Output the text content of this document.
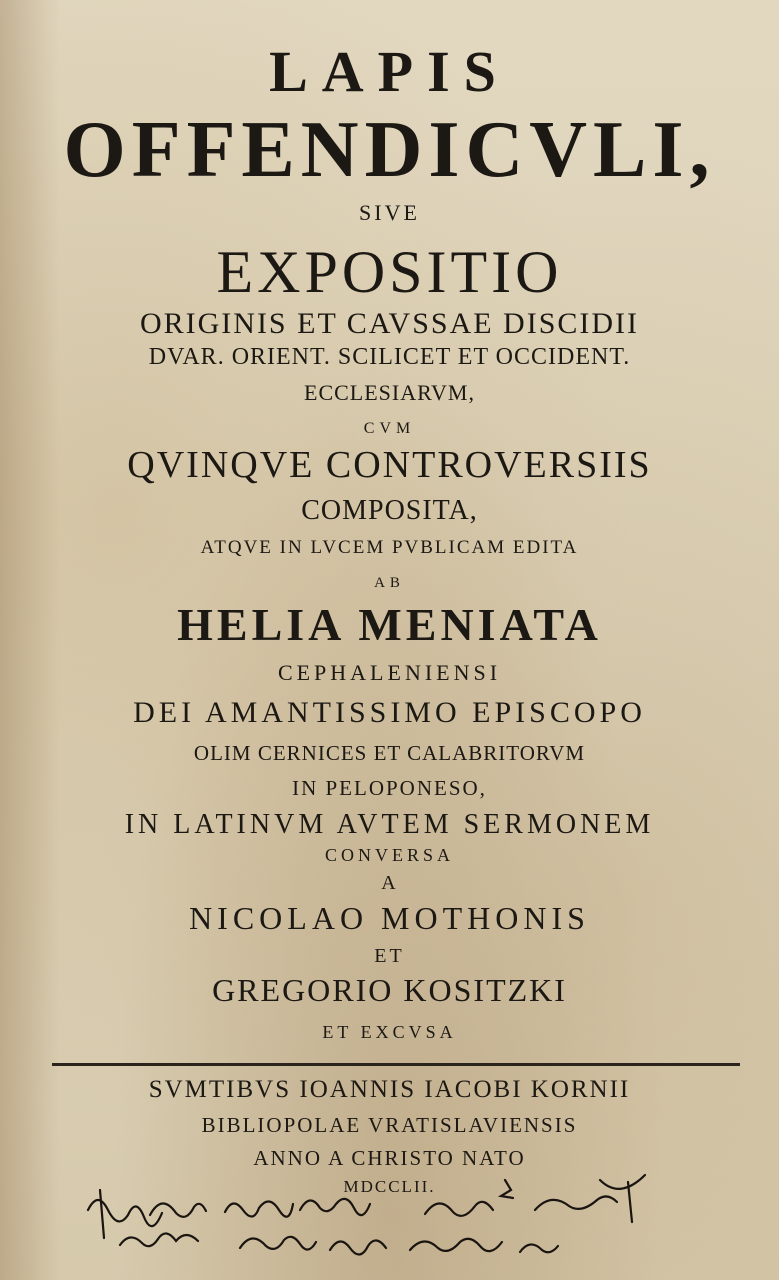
LAPIS
OFFENDICVLI,
SIVE
EXPOSITIO
ORIGINIS ET CAVSSAE DISCIDII
DVAR. ORIENT. SCILICET ET OCCIDENT.
ECCLESIARVM,
CVM
QVINQVE CONTROVERSIIS
COMPOSITA,
ATQVE IN LVCEM PVBLICAM EDITA
AB
HELIA MENIATA
CEPHALENIENSI
DEI AMANTISSIMO EPISCOPO
OLIM CERNICES ET CALABRITORVM
IN PELOPONESO,
IN LATINVM AVTEM SERMONEM
CONVERSA
A
NICOLAO MOTHONIS
ET
GREGORIO KOSITZKI
ET EXCVSA
SVMTIBVS IOANNIS IACOBI KORNII
BIBLIOPOLAE VRATISLAVIENSIS
ANNO A CHRISTO NATO
MDCCLII.
